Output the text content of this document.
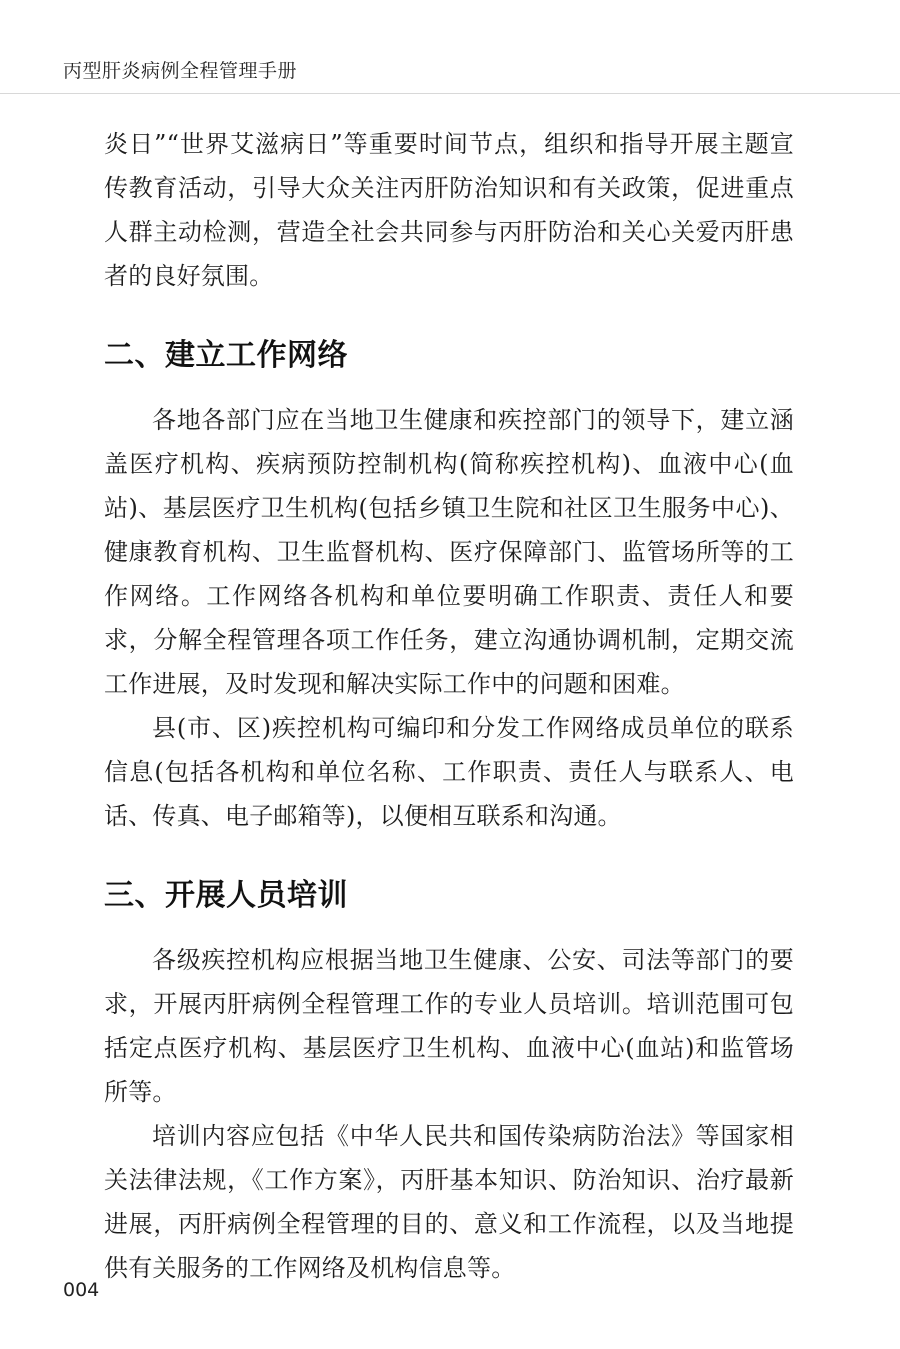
丙型肝炎病例全程管理手册

炎日”“世界艾滋病日”等重要时间节点，组织和指导开展主题宣传教育活动，引导大众关注丙肝防治知识和有关政策，促进重点人群主动检测，营造全社会共同参与丙肝防治和关心关爱丙肝患者的良好氛围。

二、建立工作网络

各地各部门应在当地卫生健康和疾控部门的领导下，建立涵盖医疗机构、疾病预防控制机构(简称疾控机构)、血液中心(血站)、基层医疗卫生机构(包括乡镇卫生院和社区卫生服务中心)、健康教育机构、卫生监督机构、医疗保障部门、监管场所等的工作网络。工作网络各机构和单位要明确工作职责、责任人和要求，分解全程管理各项工作任务，建立沟通协调机制，定期交流工作进展，及时发现和解决实际工作中的问题和困难。

县(市、区)疾控机构可编印和分发工作网络成员单位的联系信息(包括各机构和单位名称、工作职责、责任人与联系人、电话、传真、电子邮箱等)，以便相互联系和沟通。

三、开展人员培训

各级疾控机构应根据当地卫生健康、公安、司法等部门的要求，开展丙肝病例全程管理工作的专业人员培训。培训范围可包括定点医疗机构、基层医疗卫生机构、血液中心(血站)和监管场所等。

培训内容应包括《中华人民共和国传染病防治法》等国家相关法律法规，《工作方案》，丙肝基本知识、防治知识、治疗最新进展，丙肝病例全程管理的目的、意义和工作流程，以及当地提供有关服务的工作网络及机构信息等。

004
